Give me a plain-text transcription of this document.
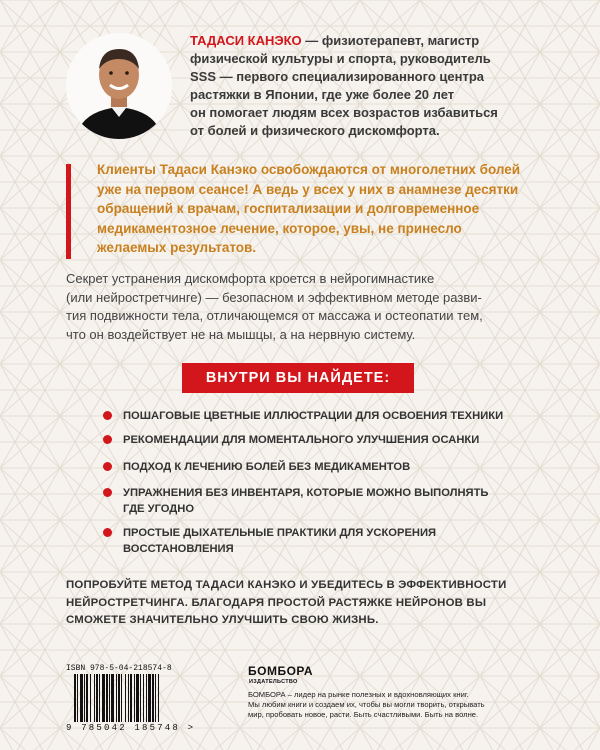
ТАДАСИ КАНЭКО — физиотерапевт, магистр
физической культуры и спорта, руководитель
SSS — первого специализированного центра
растяжки в Японии, где уже более 20 лет
он помогает людям всех возрастов избавиться
от болей и физического дискомфорта.

Клиенты Тадаси Канэко освобождаются от многолетних болей
уже на первом сеансе! А ведь у всех у них в анамнезе десятки
обращений к врачам, госпитализации и долговременное
медикаментозное лечение, которое, увы, не принесло
желаемых результатов.

Секрет устранения дискомфорта кроется в нейрогимнастике
(или нейростретчинге) — безопасном и эффективном методе разви-
тия подвижности тела, отличающемся от массажа и остеопатии тем,
что он воздействует не на мышцы, а на нервную систему.

ВНУТРИ ВЫ НАЙДЕТЕ:
ПОШАГОВЫЕ ЦВЕТНЫЕ ИЛЛЮСТРАЦИИ ДЛЯ ОСВОЕНИЯ ТЕХНИКИ
РЕКОМЕНДАЦИИ ДЛЯ МОМЕНТАЛЬНОГО УЛУЧШЕНИЯ ОСАНКИ
ПОДХОД К ЛЕЧЕНИЮ БОЛЕЙ БЕЗ МЕДИКАМЕНТОВ
УПРАЖНЕНИЯ БЕЗ ИНВЕНТАРЯ, КОТОРЫЕ МОЖНО ВЫПОЛНЯТЬ
ГДЕ УГОДНО
ПРОСТЫЕ ДЫХАТЕЛЬНЫЕ ПРАКТИКИ ДЛЯ УСКОРЕНИЯ
ВОССТАНОВЛЕНИЯ

ПОПРОБУЙТЕ МЕТОД ТАДАСИ КАНЭКО И УБЕДИТЕСЬ В ЭФФЕКТИВНОСТИ
НЕЙРОСТРЕТЧИНГА. БЛАГОДАРЯ ПРОСТОЙ РАСТЯЖКЕ НЕЙРОНОВ ВЫ
СМОЖЕТЕ ЗНАЧИТЕЛЬНО УЛУЧШИТЬ СВОЮ ЖИЗНЬ.

ISBN 978-5-04-218574-8
9 785042 185748 >
БОМБОРА
ИЗДАТЕЛЬСТВО

БОМБОРА – лидер на рынке полезных и вдохновляющих книг.
Мы любим книги и создаем их, чтобы вы могли творить, открывать
мир, пробовать новое, расти. Быть счастливыми. Быть на волне.
